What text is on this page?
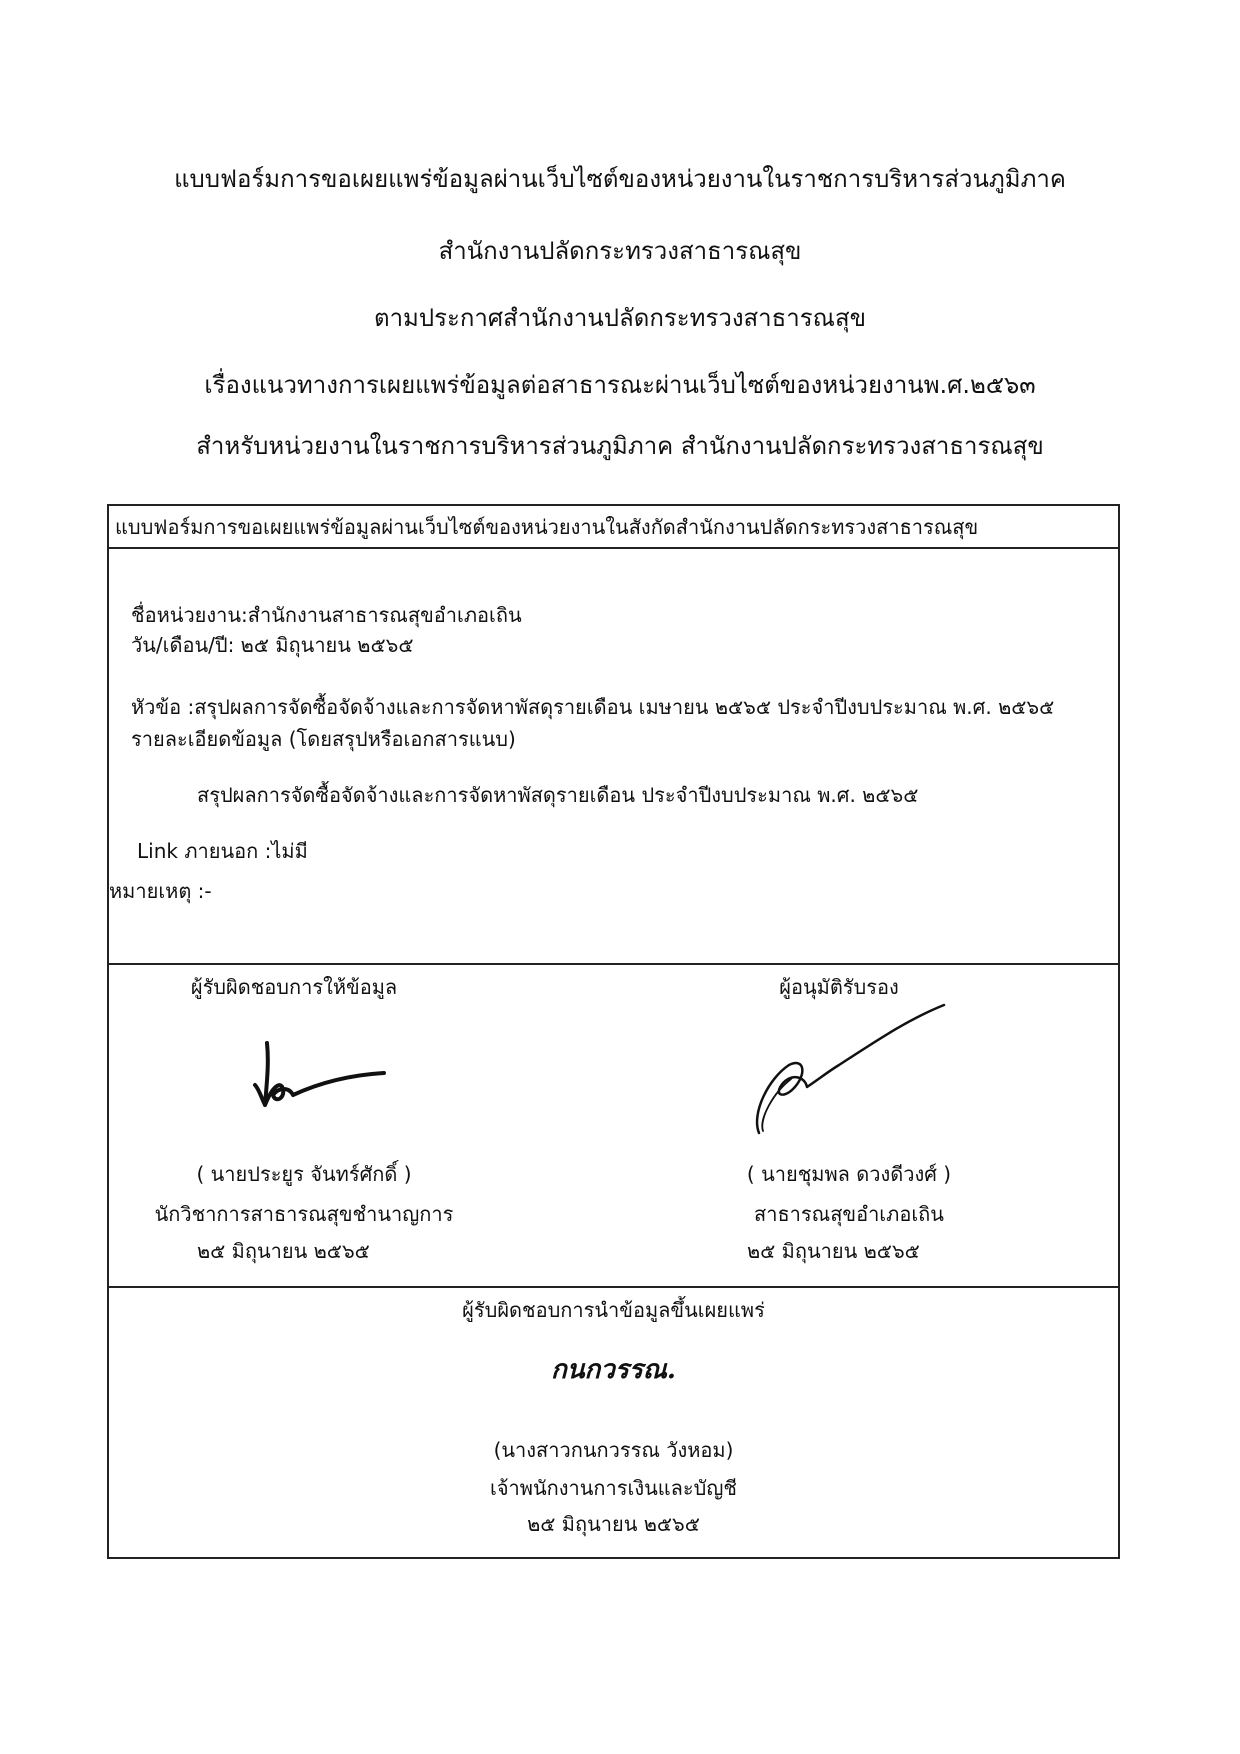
แบบฟอร์มการขอเผยแพร่ข้อมูลผ่านเว็บไซต์ของหน่วยงานในราชการบริหารส่วนภูมิภาค
สำนักงานปลัดกระทรวงสาธารณสุข
ตามประกาศสำนักงานปลัดกระทรวงสาธารณสุข
เรื่องแนวทางการเผยแพร่ข้อมูลต่อสาธารณะผ่านเว็บไซต์ของหน่วยงานพ.ศ.๒๕๖๓
สำหรับหน่วยงานในราชการบริหารส่วนภูมิภาค สำนักงานปลัดกระทรวงสาธารณสุข
แบบฟอร์มการขอเผยแพร่ข้อมูลผ่านเว็บไซต์ของหน่วยงานในสังกัดสำนักงานปลัดกระทรวงสาธารณสุข
ชื่อหน่วยงาน:สำนักงานสาธารณสุขอำเภอเถิน
วัน/เดือน/ปี: ๒๕ มิถุนายน ๒๕๖๕
หัวข้อ :สรุปผลการจัดซื้อจัดจ้างและการจัดหาพัสดุรายเดือน เมษายน ๒๕๖๕ ประจำปีงบประมาณ พ.ศ. ๒๕๖๕
รายละเอียดข้อมูล (โดยสรุปหรือเอกสารแนบ)
สรุปผลการจัดซื้อจัดจ้างและการจัดหาพัสดุรายเดือน ประจำปีงบประมาณ พ.ศ. ๒๕๖๕
Link ภายนอก :ไม่มี
หมายเหตุ :-
ผู้รับผิดชอบการให้ข้อมูล
( นายประยูร จันทร์ศักดิ์ )
นักวิชาการสาธารณสุขชำนาญการ
๒๕ มิถุนายน ๒๕๖๕
ผู้อนุมัติรับรอง
( นายชุมพล ดวงดีวงศ์ )
สาธารณสุขอำเภอเถิน
๒๕ มิถุนายน ๒๕๖๕
ผู้รับผิดชอบการนำข้อมูลขึ้นเผยแพร่
กนกวรรณ.
(นางสาวกนกวรรณ วังหอม)
เจ้าพนักงานการเงินและบัญชี
๒๕ มิถุนายน ๒๕๖๕
